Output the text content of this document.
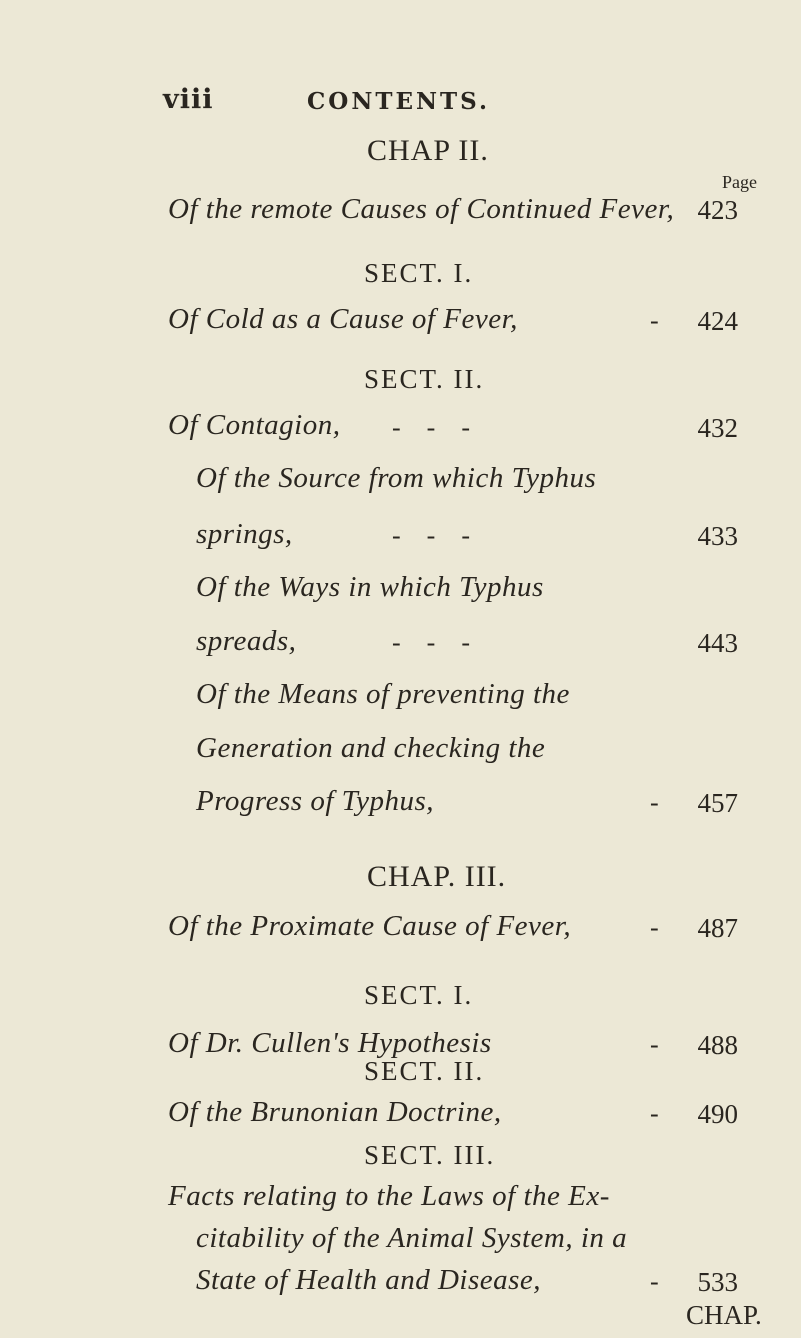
viii	CONTENTS.
CHAP II.
Page
Of the remote Causes of Continued Fever, 423
SECT. I.
Of Cold as a Cause of Fever,	-	424
SECT. II.
Of Contagion, -    -    -	432
Of the Source from which Typhus
springs,	-    -    -	433
Of the Ways in which Typhus
spreads,	-    -    -	443
Of the Means of preventing the
Generation and checking the
Progress of Typhus,	-	457
CHAP. III.
Of the Proximate Cause of Fever,	-	487
SECT. I.
Of Dr. Cullen's Hypothesis	-	488
SECT. II.
Of the Brunonian Doctrine,	-	490
SECT. III.
Facts relating to the Laws of the Ex-
citability of the Animal System, in a
CHAP.
State of Health and Disease,	-	533
